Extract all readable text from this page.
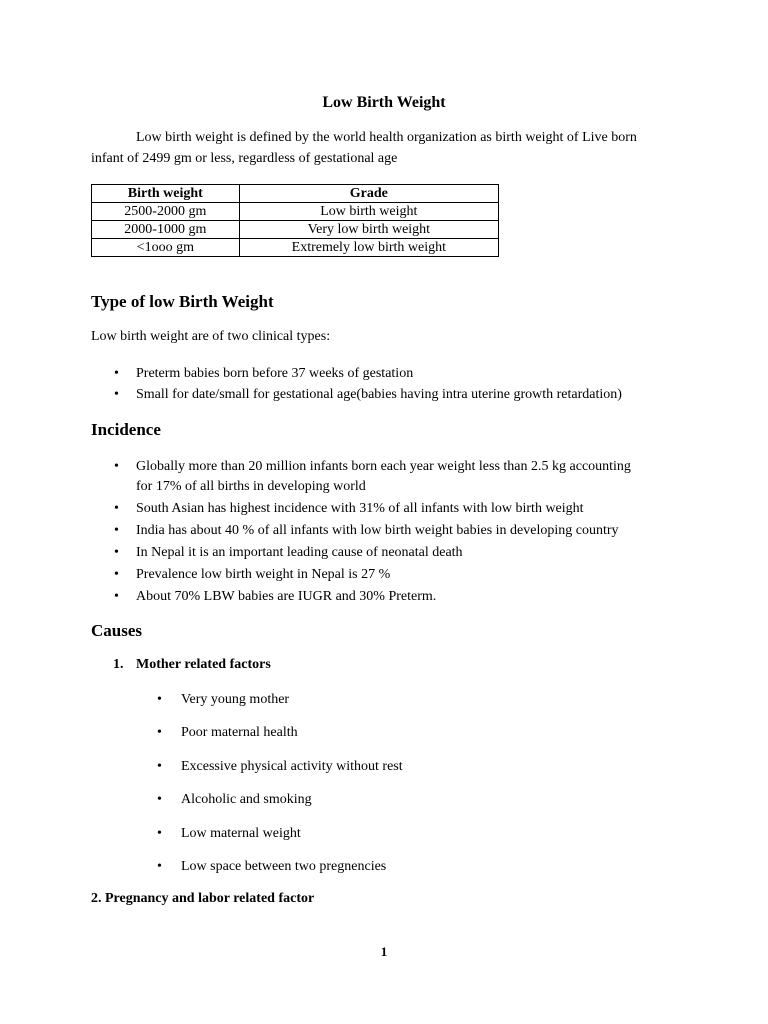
Low Birth Weight
Low birth weight is defined by the world health organization as birth weight of Live born
infant of 2499 gm or less, regardless of gestational age
Birth weight	Grade
2500-2000 gm	Low birth weight
2000-1000 gm	Very low birth weight
<1ooo gm	Extremely low birth weight
Type of low Birth Weight
Low birth weight are of two clinical types:
• Preterm babies born before 37 weeks of gestation
• Small for date/small for gestational age(babies having intra uterine growth retardation)
Incidence
• Globally more than 20 million infants born each year weight less than 2.5 kg accounting
for 17% of all births in developing world
• South Asian has highest incidence with 31% of all infants with low birth weight
• India has about 40 % of all infants with low birth weight babies in developing country
• In Nepal it is an important leading cause of neonatal death
• Prevalence low birth weight in Nepal is 27 %
• About 70% LBW babies are IUGR and 30% Preterm.
Causes
1. Mother related factors
• Very young mother
• Poor maternal health
• Excessive physical activity without rest
• Alcoholic and smoking
• Low maternal weight
• Low space between two pregnencies
2. Pregnancy and labor related factor
1
